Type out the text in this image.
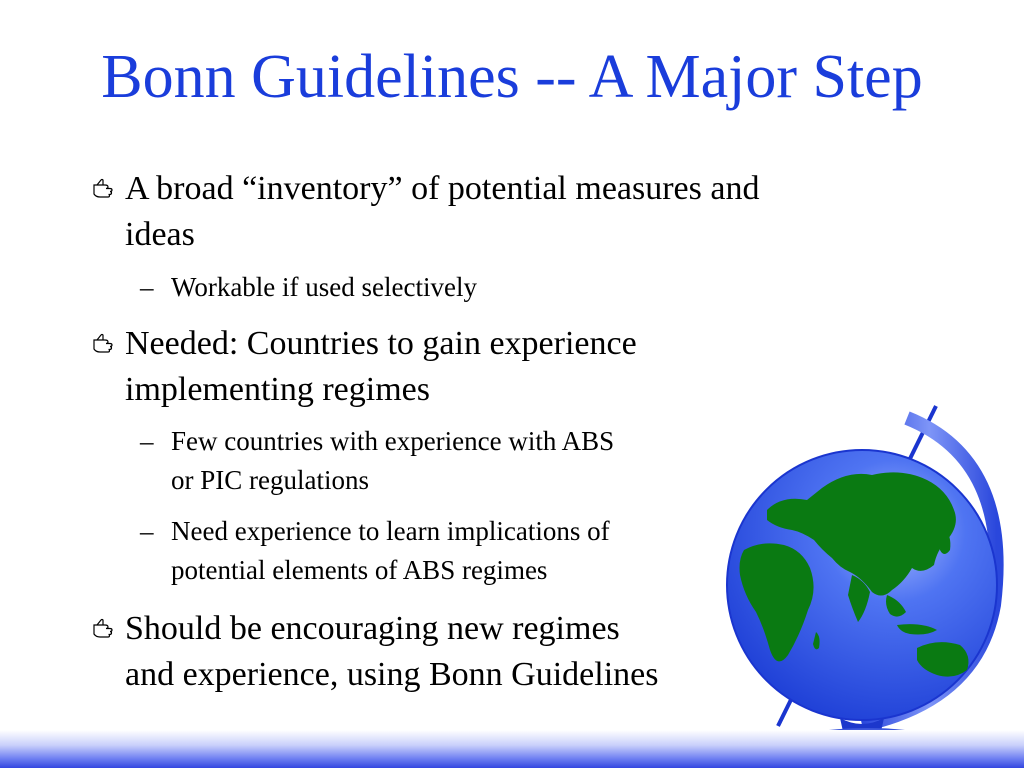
Bonn Guidelines -- A Major Step
A broad “inventory” of potential measures and
ideas
– Workable if used selectively
Needed: Countries to gain experience
implementing regimes
– Few countries with experience with ABS
or PIC regulations
– Need experience to learn implications of
potential elements of ABS regimes
Should be encouraging new regimes
and experience, using Bonn Guidelines
